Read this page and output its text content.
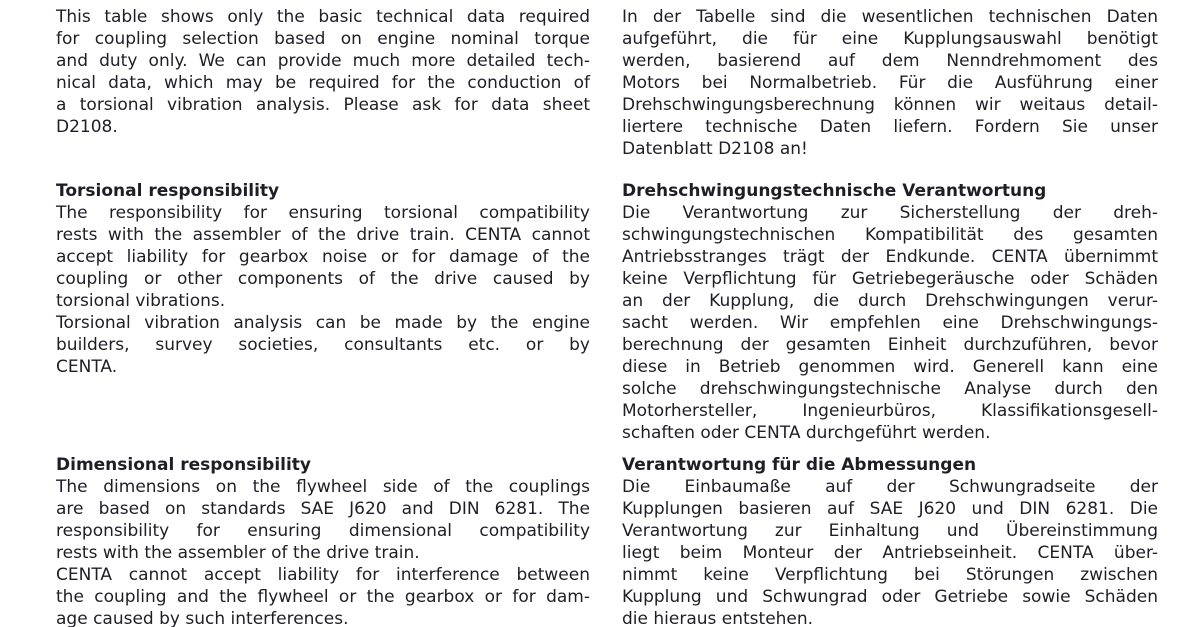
This table shows only the basic technical data required
for coupling selection based on engine nominal torque
and duty only. We can provide much more detailed tech-
nical data, which may be required for the conduction of
a torsional vibration analysis. Please ask for data sheet
D2108.
Torsional responsibility
The responsibility for ensuring torsional compatibility
rests with the assembler of the drive train. CENTA cannot
accept liability for gearbox noise or for damage of the
coupling or other components of the drive caused by
torsional vibrations.
Torsional vibration analysis can be made by the engine
builders, survey societies, consultants etc. or by
CENTA.
Dimensional responsibility
The dimensions on the flywheel side of the couplings
are based on standards SAE J620 and DIN 6281. The
responsibility for ensuring dimensional compatibility
rests with the assembler of the drive train.
CENTA cannot accept liability for interference between
the coupling and the flywheel or the gearbox or for dam-
age caused by such interferences.
In der Tabelle sind die wesentlichen technischen Daten
aufgeführt, die für eine Kupplungsauswahl benötigt
werden, basierend auf dem Nenndrehmoment des
Motors bei Normalbetrieb. Für die Ausführung einer
Drehschwingungsberechnung können wir weitaus detail-
liertere technische Daten liefern. Fordern Sie unser
Datenblatt D2108 an!
Drehschwingungstechnische Verantwortung
Die Verantwortung zur Sicherstellung der dreh-
schwingungstechnischen Kompatibilität des gesamten
Antriebsstranges trägt der Endkunde. CENTA übernimmt
keine Verpflichtung für Getriebegeräusche oder Schäden
an der Kupplung, die durch Drehschwingungen verur-
sacht werden. Wir empfehlen eine Drehschwingungs-
berechnung der gesamten Einheit durchzuführen, bevor
diese in Betrieb genommen wird. Generell kann eine
solche drehschwingungstechnische Analyse durch den
Motorhersteller, Ingenieurbüros, Klassifikationsgesell-
schaften oder CENTA durchgeführt werden.
Verantwortung für die Abmessungen
Die Einbaumaße auf der Schwungradseite der
Kupplungen basieren auf SAE J620 und DIN 6281. Die
Verantwortung zur Einhaltung und Übereinstimmung
liegt beim Monteur der Antriebseinheit. CENTA über-
nimmt keine Verpflichtung bei Störungen zwischen
Kupplung und Schwungrad oder Getriebe sowie Schäden
die hieraus entstehen.
